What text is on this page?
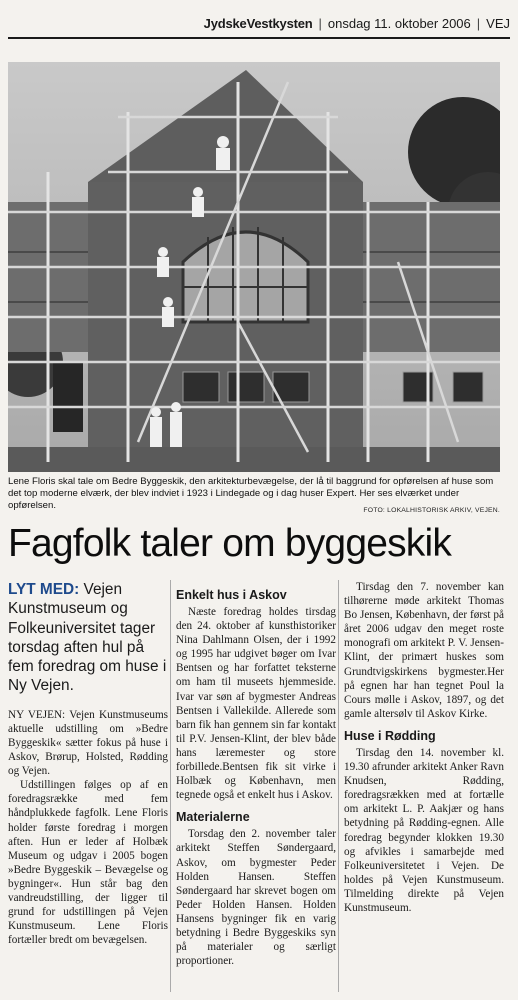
JydskeVestkysten | onsdag 11. oktober 2006 | VEJ
Lene Floris skal tale om Bedre Byggeskik, den arkitekturbevægelse, der lå til baggrund for opførelsen af huse som det top moderne elværk, der blev indviet i 1923 i Lindegade og i dag huser Expert. Her ses elværket under opførelsen.	FOTO: LOKALHISTORISK ARKIV, VEJEN.
Fagfolk taler om byggeskik
LYT MED: Vejen Kunstmuseum og Folkeuniversitet tager torsdag aften hul på fem foredrag om huse i Ny Vejen.

NY VEJEN: Vejen Kunstmuseums aktuelle udstilling om »Bedre Byggeskik« sætter fokus på huse i Askov, Brørup, Holsted, Rødding og Vejen.

Udstillingen følges op af en foredragsrække med fem håndplukkede fagfolk. Lene Floris holder første foredrag i morgen aften. Hun er leder af Holbæk Museum og udgav i 2005 bogen »Bedre Byggeskik – Bevægelse og bygninger«. Hun står bag den vandreudstilling, der ligger til grund for udstillingen på Vejen Kunstmuseum. Lene Floris fortæller bredt om bevægelsen.

Enkelt hus i Askov

Næste foredrag holdes tirsdag den 24. oktober af kunsthistoriker Nina Dahlmann Olsen, der i 1992 og 1995 har udgivet bøger om Ivar Bentsen og har forfattet teksterne om ham til museets hjemmeside. Ivar var søn af bygmester Andreas Bentsen i Vallekilde. Allerede som barn fik han gennem sin far kontakt til P.V. Jensen-Klint, der blev både hans læremester og store forbillede.Bentsen fik sit virke i Holbæk og København, men tegnede også et enkelt hus i Askov.

Materialerne

Torsdag den 2. november taler arkitekt Steffen Søndergaard, Askov, om bygmester Peder Holden Hansen. Steffen Søndergaard har skrevet bogen om Peder Holden Hansen. Holden Hansens bygninger fik en varig betydning i Bedre Byggeskiks syn på materialer og særligt proportioner.

Tirsdag den 7. november kan tilhørerne møde arkitekt Thomas Bo Jensen, København, der først på året 2006 udgav den meget roste monografi om arkitekt P. V. Jensen-Klint, der primært huskes som Grundtvigskirkens bygmester.Her på egnen har han tegnet Poul la Cours mølle i Askov, 1897, og det gamle altersølv til Askov Kirke.

Huse i Rødding

Tirsdag den 14. november kl. 19.30 afrunder arkitekt Anker Ravn Knudsen, Rødding, foredragsrækken med at fortælle om arkitekt L. P. Aakjær og hans betydning på Rødding-egnen. Alle foredrag begynder klokken 19.30 og afvikles i samarbejde med Folkeuniversitetet i Vejen. De holdes på Vejen Kunstmuseum. Tilmelding direkte på Vejen Kunstmuseum.
